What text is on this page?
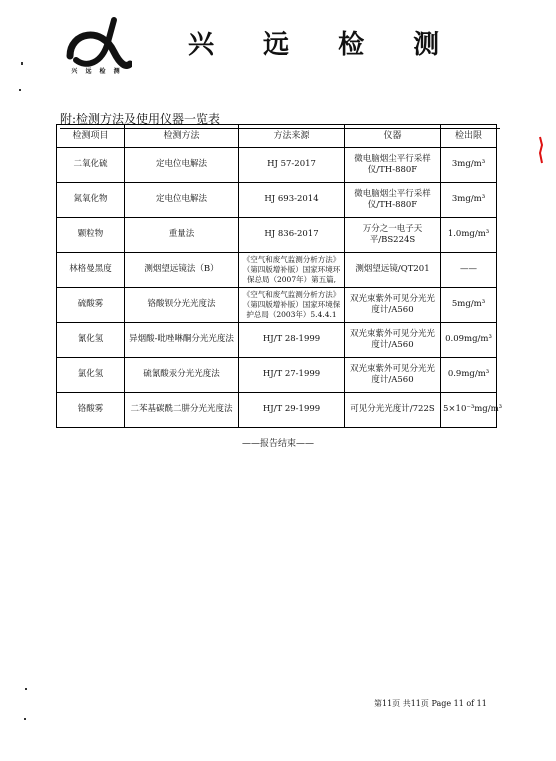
兴 远 检 测
兴 远 检 测
附:检测方法及使用仪器一览表
检测项目	检测方法	方法来源	仪器	检出限
二氧化硫	定电位电解法	HJ 57-2017	微电脑烟尘平行采样仪/TH-880F	3mg/m³
氮氧化物	定电位电解法	HJ 693-2014	微电脑烟尘平行采样仪/TH-880F	3mg/m³
颗粒物	重量法	HJ 836-2017	万分之一电子天平/BS224S	1.0mg/m³
林格曼黑度	测烟望远镜法（B）	《空气和废气监测分析方法》（第四版增补版）国家环境环保总局（2007年）第五篇,	测烟望远镜/QT201	——
硫酸雾	铬酸钡分光光度法	《空气和废气监测分析方法》（第四版增补版）国家环境保护总局（2003年）5.4.4.1	双光束紫外可见分光光度计/A560	5mg/m³
氰化氢	异烟酸-吡唑啉酮分光光度法	HJ/T 28-1999	双光束紫外可见分光光度计/A560	0.09mg/m³
氯化氢	硫氰酸汞分光光度法	HJ/T 27-1999	双光束紫外可见分光光度计/A560	0.9mg/m³
铬酸雾	二苯基碳酰二肼分光光度法	HJ/T 29-1999	可见分光光度计/722S	5×10⁻³mg/m³
——报告结束——
第11页 共11页 Page 11 of 11
